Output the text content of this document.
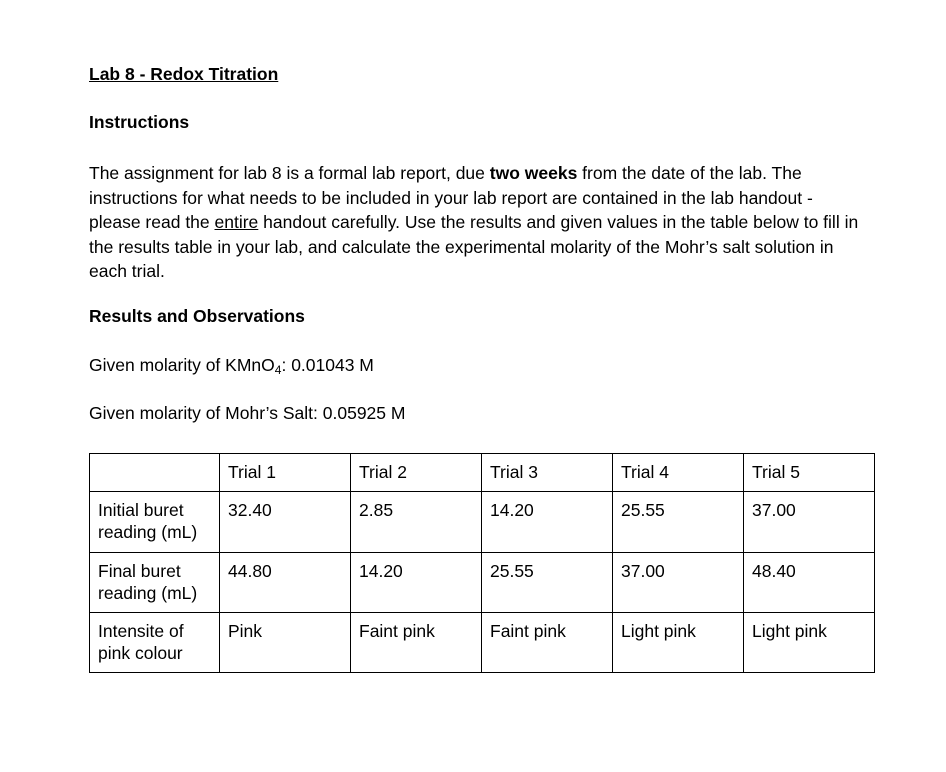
Lab 8 - Redox Titration
Instructions
The assignment for lab 8 is a formal lab report, due two weeks from the date of the lab. The instructions for what needs to be included in your lab report are contained in the lab handout - please read the entire handout carefully. Use the results and given values in the table below to fill in the results table in your lab, and calculate the experimental molarity of the Mohr’s salt solution in each trial.
Results and Observations
Given molarity of KMnO$_4$: 0.01043 M
Given molarity of Mohr’s Salt: 0.05925 M
	Trial 1	Trial 2	Trial 3	Trial 4	Trial 5
Initial buret reading (mL)	32.40	2.85	14.20	25.55	37.00
Final buret reading (mL)	44.80	14.20	25.55	37.00	48.40
Intensite of pink colour	Pink	Faint pink	Faint pink	Light pink	Light pink
